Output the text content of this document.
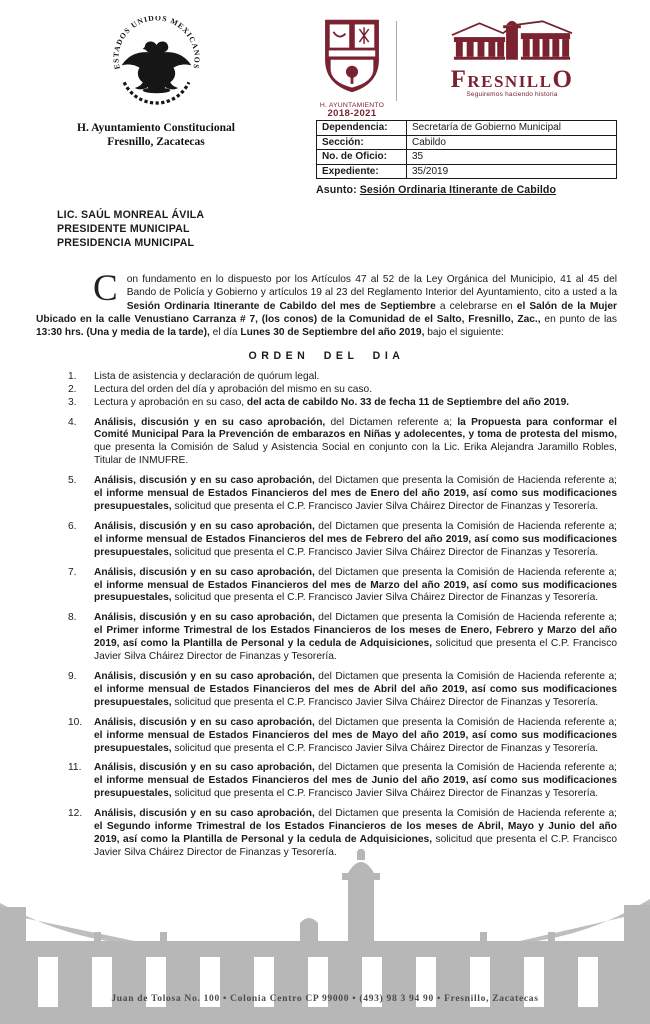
ESTADOS UNIDOS MEXICANOS
H. Ayuntamiento Constitucional
Fresnillo, Zacatecas
H. AYUNTAMIENTO
2018-2021
FRESNILLO
Seguiremos haciendo historia
Dependencia:	Secretaría de Gobierno Municipal
Sección:	Cabildo
No. de Oficio:	35
Expediente:	35/2019
Asunto: Sesión Ordinaria Itinerante de Cabildo
LIC. SAÚL MONREAL ÁVILA
PRESIDENTE MUNICIPAL
PRESIDENCIA MUNICIPAL

Con fundamento en lo dispuesto por los Artículos 47 al 52 de la Ley Orgánica del Municipio, 41 al 45 del Bando de Policía y Gobierno y artículos 19 al 23 del Reglamento Interior del Ayuntamiento, cito a usted a la Sesión Ordinaria Itinerante de Cabildo del mes de Septiembre a celebrarse en el Salón de la Mujer Ubicado en la calle Venustiano Carranza # 7, (los conos) de la Comunidad de el Salto, Fresnillo, Zac., en punto de las 13:30 hrs. (Una y media de la tarde), el día Lunes 30 de Septiembre del año 2019, bajo el siguiente:

ORDEN DEL DIA
1. Lista de asistencia y declaración de quórum legal.
2. Lectura del orden del día y aprobación del mismo en su caso.
3. Lectura y aprobación en su caso, del acta de cabildo No. 33 de fecha 11 de Septiembre del año 2019.
4. Análisis, discusión y en su caso aprobación, del Dictamen referente a; la Propuesta para conformar el Comité Municipal Para la Prevención de embarazos en Niñas y adolecentes, y toma de protesta del mismo, que presenta la Comisión de Salud y Asistencia Social en conjunto con la Lic. Erika Alejandra Jaramillo Robles, Titular de INMUFRE.
5. Análisis, discusión y en su caso aprobación, del Dictamen que presenta la Comisión de Hacienda referente a; el informe mensual de Estados Financieros del mes de Enero del año 2019, así como sus modificaciones presupuestales, solicitud que presenta el C.P. Francisco Javier Silva Cháirez Director de Finanzas y Tesorería.
6. Análisis, discusión y en su caso aprobación, del Dictamen que presenta la Comisión de Hacienda referente a; el informe mensual de Estados Financieros del mes de Febrero del año 2019, así como sus modificaciones presupuestales, solicitud que presenta el C.P. Francisco Javier Silva Cháirez Director de Finanzas y Tesorería.
7. Análisis, discusión y en su caso aprobación, del Dictamen que presenta la Comisión de Hacienda referente a; el informe mensual de Estados Financieros del mes de Marzo del año 2019, así como sus modificaciones presupuestales, solicitud que presenta el C.P. Francisco Javier Silva Cháirez Director de Finanzas y Tesorería.
8. Análisis, discusión y en su caso aprobación, del Dictamen que presenta la Comisión de Hacienda referente a; el Primer informe Trimestral de los Estados Financieros de los meses de Enero, Febrero y Marzo del año 2019, así como la Plantilla de Personal y la cedula de Adquisiciones, solicitud que presenta el C.P. Francisco Javier Silva Cháirez Director de Finanzas y Tesorería.
9. Análisis, discusión y en su caso aprobación, del Dictamen que presenta la Comisión de Hacienda referente a; el informe mensual de Estados Financieros del mes de Abril del año 2019, así como sus modificaciones presupuestales, solicitud que presenta el C.P. Francisco Javier Silva Cháirez Director de Finanzas y Tesorería.
10. Análisis, discusión y en su caso aprobación, del Dictamen que presenta la Comisión de Hacienda referente a; el informe mensual de Estados Financieros del mes de Mayo del año 2019, así como sus modificaciones presupuestales, solicitud que presenta el C.P. Francisco Javier Silva Cháirez Director de Finanzas y Tesorería.
11. Análisis, discusión y en su caso aprobación, del Dictamen que presenta la Comisión de Hacienda referente a; el informe mensual de Estados Financieros del mes de Junio del año 2019, así como sus modificaciones presupuestales, solicitud que presenta el C.P. Francisco Javier Silva Cháirez Director de Finanzas y Tesorería.
12. Análisis, discusión y en su caso aprobación, del Dictamen que presenta la Comisión de Hacienda referente a; el Segundo informe Trimestral de los Estados Financieros de los meses de Abril, Mayo y Junio del año 2019, así como la Plantilla de Personal y la cedula de Adquisiciones, solicitud que presenta el C.P. Francisco Javier Silva Cháirez Director de Finanzas y Tesorería.
Juan de Tolosa No. 100 • Colonia Centro CP 99000 • (493) 98 3 94 90 • Fresnillo, Zacatecas
